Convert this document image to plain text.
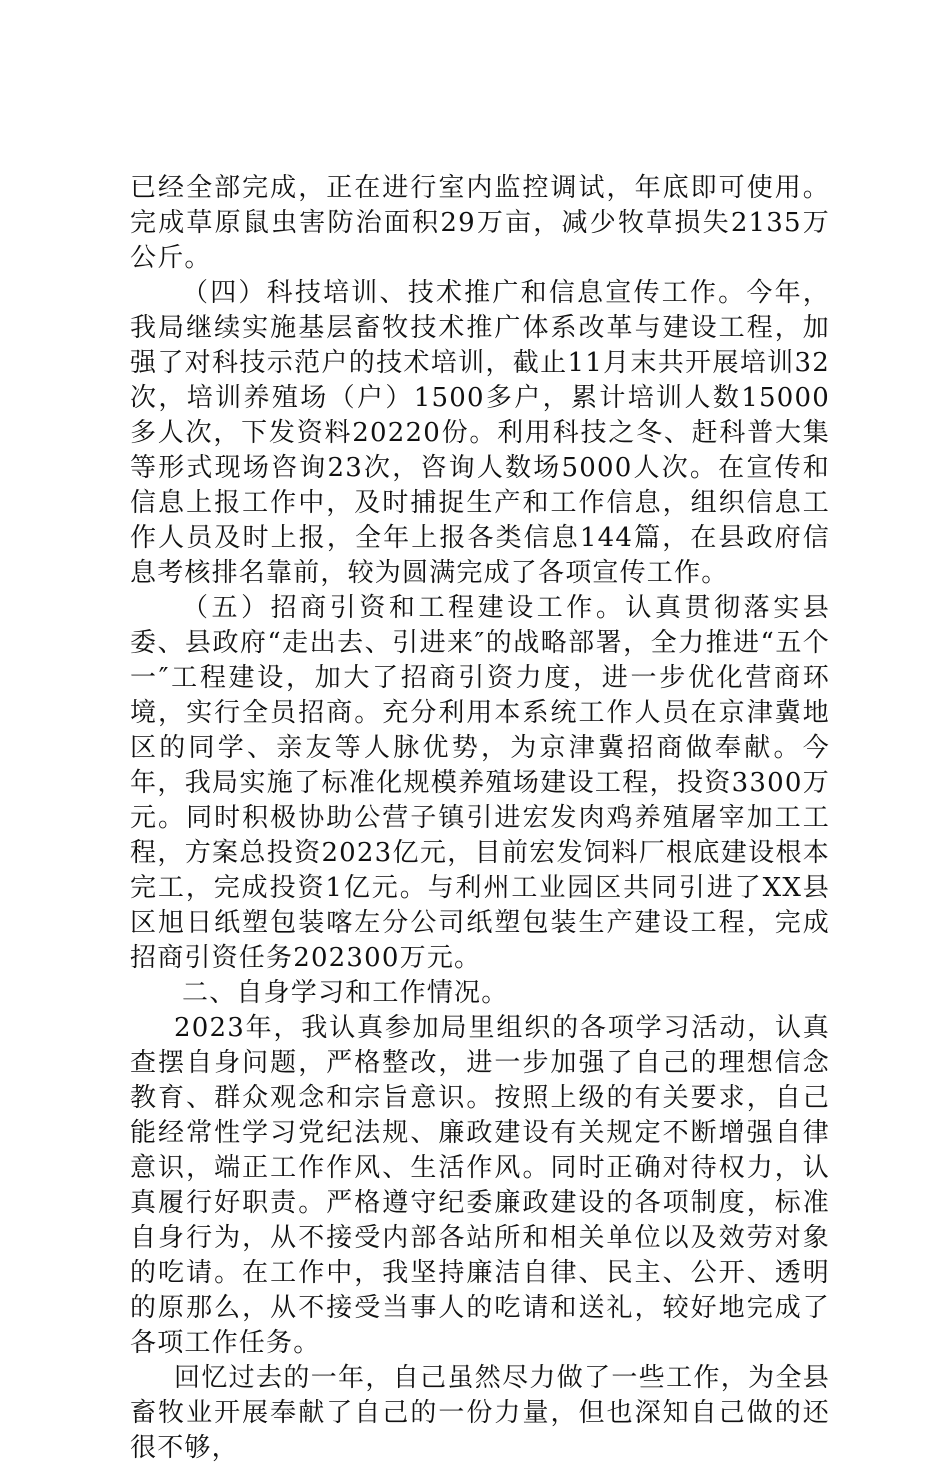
已经全部完成，正在进行室内监控调试，年底即可使用。完成草原鼠虫害防治面积29万亩，减少牧草损失2135万公斤。

（四）科技培训、技术推广和信息宣传工作。今年，我局继续实施基层畜牧技术推广体系改革与建设工程，加强了对科技示范户的技术培训，截止11月末共开展培训32次，培训养殖场（户）1500多户，累计培训人数15000多人次，下发资料20220份。利用科技之冬、赶科普大集等形式现场咨询23次，咨询人数场5000人次。在宣传和信息上报工作中，及时捕捉生产和工作信息，组织信息工作人员及时上报，全年上报各类信息144篇，在县政府信息考核排名靠前，较为圆满完成了各项宣传工作。

（五）招商引资和工程建设工作。认真贯彻落实县委、县政府“走出去、引进来″的战略部署，全力推进“五个一″工程建设，加大了招商引资力度，进一步优化营商环境，实行全员招商。充分利用本系统工作人员在京津冀地区的同学、亲友等人脉优势，为京津冀招商做奉献。今年，我局实施了标准化规模养殖场建设工程，投资3300万元。同时积极协助公营子镇引进宏发肉鸡养殖屠宰加工工程，方案总投资2023亿元，目前宏发饲料厂根底建设根本完工，完成投资1亿元。与利州工业园区共同引进了XX县区旭日纸塑包装喀左分公司纸塑包装生产建设工程，完成招商引资任务202300万元。

二、自身学习和工作情况。

2023年，我认真参加局里组织的各项学习活动，认真查摆自身问题，严格整改，进一步加强了自己的理想信念教育、群众观念和宗旨意识。按照上级的有关要求，自己能经常性学习党纪法规、廉政建设有关规定不断增强自律意识，端正工作作风、生活作风。同时正确对待权力，认真履行好职责。严格遵守纪委廉政建设的各项制度，标准自身行为，从不接受内部各站所和相关单位以及效劳对象的吃请。在工作中，我坚持廉洁自律、民主、公开、透明的原那么，从不接受当事人的吃请和送礼，较好地完成了各项工作任务。

回忆过去的一年，自己虽然尽力做了一些工作，为全县畜牧业开展奉献了自己的一份力量，但也深知自己做的还很不够，
